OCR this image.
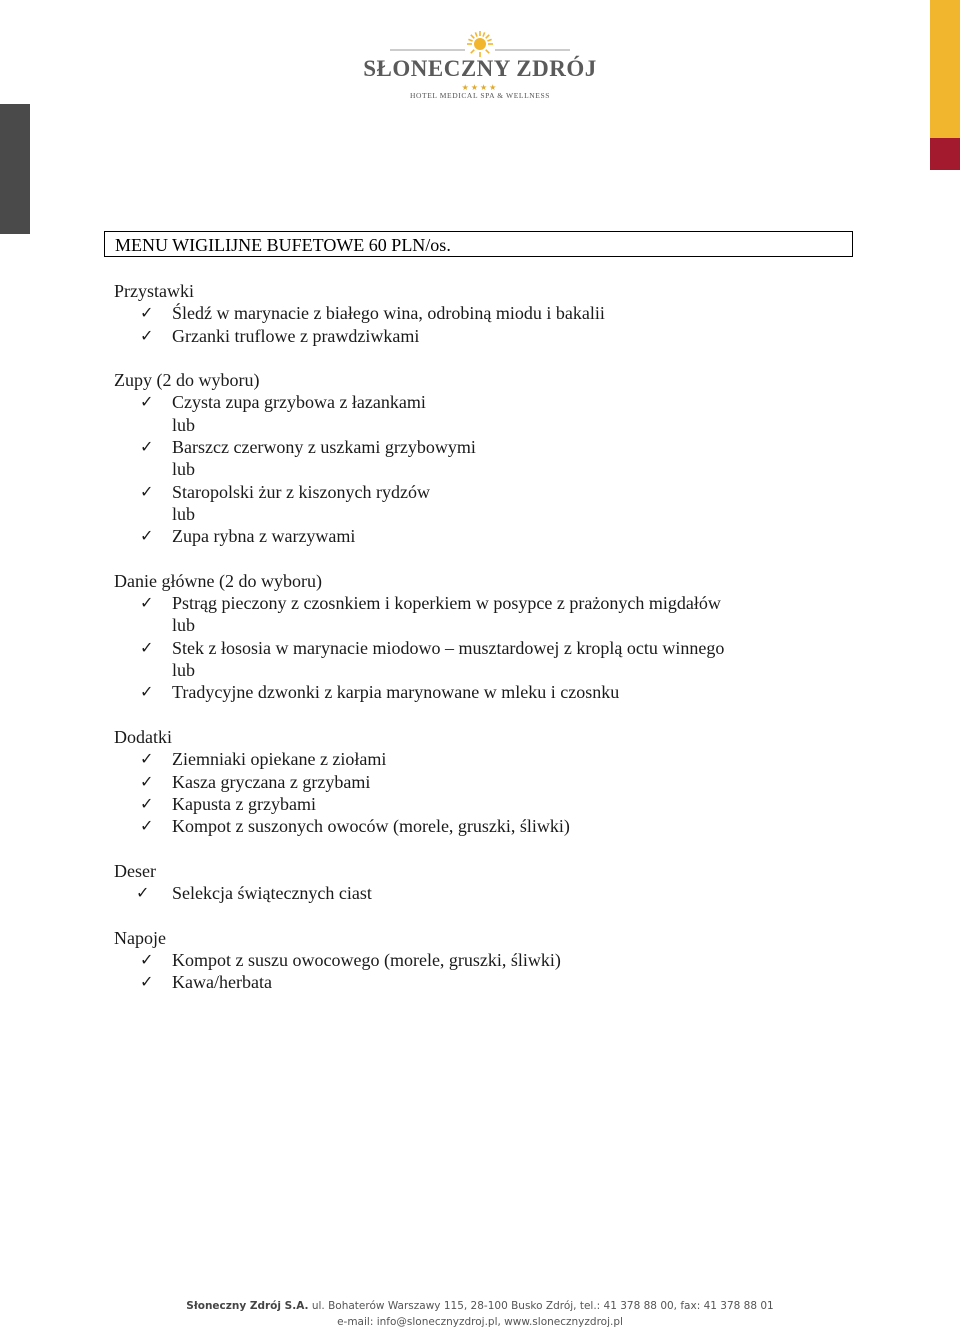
SŁONECZNY ZDRÓJ
★★★★
HOTEL MEDICAL SPA & WELLNESS
MENU WIGILIJNE BUFETOWE 60 PLN/os.
Przystawki
✓ Śledź w marynacie z białego wina, odrobiną miodu i bakalii
✓ Grzanki truflowe z prawdziwkami
Zupy (2 do wyboru)
✓ Czysta zupa grzybowa z łazankami
lub
✓ Barszcz czerwony z uszkami grzybowymi
lub
✓ Staropolski żur z kiszonych rydzów
lub
✓ Zupa rybna z warzywami
Danie główne (2 do wyboru)
✓ Pstrąg pieczony z czosnkiem i koperkiem w posypce z prażonych migdałów
lub
✓ Stek z łososia w marynacie miodowo – musztardowej z kroplą octu winnego
lub
✓ Tradycyjne dzwonki z karpia marynowane w mleku i czosnku
Dodatki
✓ Ziemniaki opiekane z ziołami
✓ Kasza gryczana z grzybami
✓ Kapusta z grzybami
✓ Kompot z suszonych owoców (morele, gruszki, śliwki)
Deser
✓ Selekcja świątecznych ciast
Napoje
✓ Kompot z suszu owocowego (morele, gruszki, śliwki)
✓ Kawa/herbata
Słoneczny Zdrój S.A. ul. Bohaterów Warszawy 115, 28-100 Busko Zdrój, tel.: 41 378 88 00, fax: 41 378 88 01
e-mail: info@slonecznyzdroj.pl, www.slonecznyzdroj.pl
